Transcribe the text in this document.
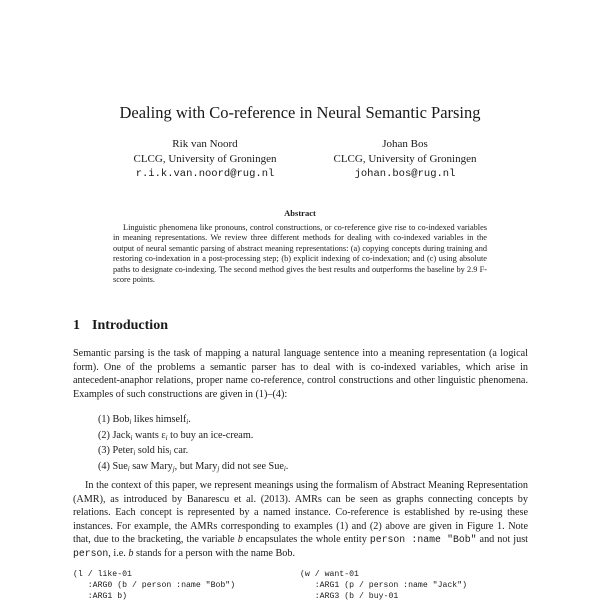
Dealing with Co-reference in Neural Semantic Parsing
Rik van Noord
CLCG, University of Groningen
r.i.k.van.noord@rug.nl
Johan Bos
CLCG, University of Groningen
johan.bos@rug.nl
Abstract
Linguistic phenomena like pronouns, control constructions, or co-reference give rise to co-indexed variables in meaning representations. We review three different methods for dealing with co-indexed variables in the output of neural semantic parsing of abstract meaning representations: (a) copying concepts during training and restoring co-indexation in a post-processing step; (b) explicit indexing of co-indexation; and (c) using absolute paths to designate co-indexing. The second method gives the best results and outperforms the baseline by 2.9 F-score points.
1 Introduction
Semantic parsing is the task of mapping a natural language sentence into a meaning representation (a logical form). One of the problems a semantic parser has to deal with is co-indexed variables, which arise in antecedent-anaphor relations, proper name co-reference, control constructions and other linguistic phenomena. Examples of such constructions are given in (1)–(4):
(1) Bob$_i$ likes himself$_i$.
(2) Jack$_i$ wants $\varepsilon_i$ to buy an ice-cream.
(3) Peter$_i$ sold his$_i$ car.
(4) Sue$_i$ saw Mary$_j$, but Mary$_j$ did not see Sue$_i$.
In the context of this paper, we represent meanings using the formalism of Abstract Meaning Representation (AMR), as introduced by Banarescu et al. (2013). AMRs can be seen as graphs connecting concepts by relations. Each concept is represented by a named instance. Co-reference is established by re-using these instances. For example, the AMRs corresponding to examples (1) and (2) above are given in Figure 1. Note that, due to the bracketing, the variable b encapsulates the whole entity person :name "Bob" and not just person, i.e. b stands for a person with the name Bob.
(l / like-01
:ARG0 (b / person :name "Bob")
:ARG1 b)
(w / want-01
:ARG1 (p / person :name "Jack")
:ARG3 (b / buy-01
